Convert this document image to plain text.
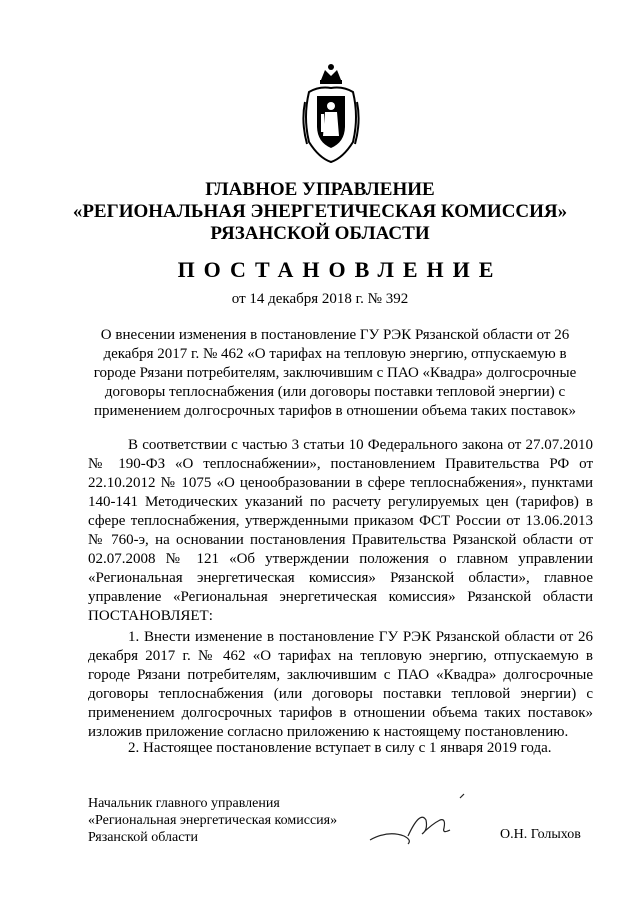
ГЛАВНОЕ УПРАВЛЕНИЕ
«РЕГИОНАЛЬНАЯ ЭНЕРГЕТИЧЕСКАЯ КОМИССИЯ»
РЯЗАНСКОЙ ОБЛАСТИ
ПОСТАНОВЛЕНИЕ
от 14 декабря 2018 г. № 392
О внесении изменения в постановление ГУ РЭК Рязанской области от 26 декабря 2017 г. № 462 «О тарифах на тепловую энергию, отпускаемую в городе Рязани потребителям, заключившим с ПАО «Квадра» долгосрочные договоры теплоснабжения (или договоры поставки тепловой энергии) с применением долгосрочных тарифов в отношении объема таких поставок»
В соответствии с частью 3 статьи 10 Федерального закона от 27.07.2010 № 190-ФЗ «О теплоснабжении», постановлением Правительства РФ от 22.10.2012 № 1075 «О ценообразовании в сфере теплоснабжения», пунктами 140-141 Методических указаний по расчету регулируемых цен (тарифов) в сфере теплоснабжения, утвержденными приказом ФСТ России от 13.06.2013 № 760-э, на основании постановления Правительства Рязанской области от 02.07.2008 № 121 «Об утверждении положения о главном управлении «Региональная энергетическая комиссия» Рязанской области», главное управление «Региональная энергетическая комиссия» Рязанской области ПОСТАНОВЛЯЕТ:
1. Внести изменение в постановление ГУ РЭК Рязанской области от 26 декабря 2017 г. № 462 «О тарифах на тепловую энергию, отпускаемую в городе Рязани потребителям, заключившим с ПАО «Квадра» долгосрочные договоры теплоснабжения (или договоры поставки тепловой энергии) с применением долгосрочных тарифов в отношении объема таких поставок» изложив приложение согласно приложению к настоящему постановлению.
2. Настоящее постановление вступает в силу с 1 января 2019 года.
Начальник главного управления
«Региональная энергетическая комиссия»
Рязанской области	О.Н. Голыхов
